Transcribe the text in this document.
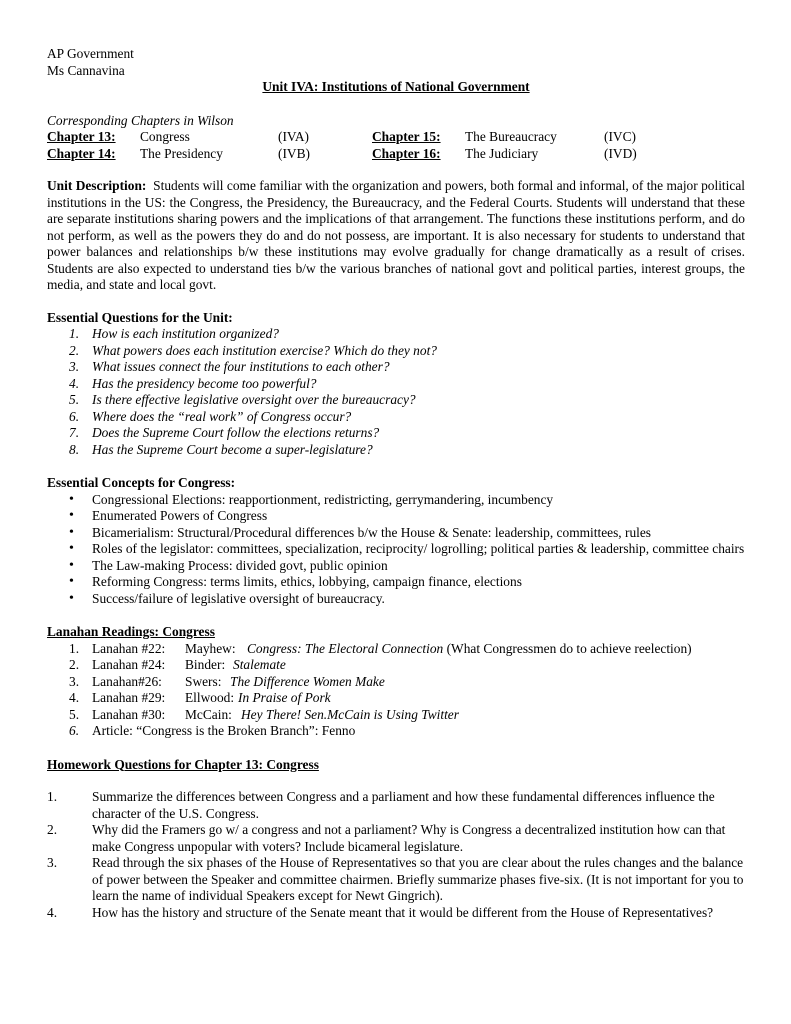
AP Government
Ms Cannavina
Unit IVA: Institutions of National Government
Corresponding Chapters in Wilson
Chapter 13:	Congress	(IVA)	Chapter 15:	The Bureaucracy	(IVC)
Chapter 14:	The Presidency	(IVB)	Chapter 16:	The Judiciary	(IVD)
Unit Description: Students will come familiar with the organization and powers, both formal and informal, of the major political institutions in the US: the Congress, the Presidency, the Bureaucracy, and the Federal Courts. Students will understand that these are separate institutions sharing powers and the implications of that arrangement. The functions these institutions perform, and do not perform, as well as the powers they do and do not possess, are important. It is also necessary for students to understand that power balances and relationships b/w these institutions may evolve gradually for change dramatically as a result of crises. Students are also expected to understand ties b/w the various branches of national govt and political parties, interest groups, the media, and state and local govt.
Essential Questions for the Unit:
1. How is each institution organized?
2. What powers does each institution exercise? Which do they not?
3. What issues connect the four institutions to each other?
4. Has the presidency become too powerful?
5. Is there effective legislative oversight over the bureaucracy?
6. Where does the “real work” of Congress occur?
7. Does the Supreme Court follow the elections returns?
8. Has the Supreme Court become a super-legislature?
Essential Concepts for Congress:
• Congressional Elections: reapportionment, redistricting, gerrymandering, incumbency
• Enumerated Powers of Congress
• Bicamerialism: Structural/Procedural differences b/w the House & Senate: leadership, committees, rules
• Roles of the legislator: committees, specialization, reciprocity/ logrolling; political parties & leadership, committee chairs
• The Law-making Process: divided govt, public opinion
• Reforming Congress: terms limits, ethics, lobbying, campaign finance, elections
• Success/failure of legislative oversight of bureaucracy.
Lanahan Readings: Congress
1. Lanahan #22: Mayhew: Congress: The Electoral Connection (What Congressmen do to achieve reelection)
2. Lanahan #24: Binder: Stalemate
3. Lanahan#26: Swers: The Difference Women Make
4. Lanahan #29: Ellwood: In Praise of Pork
5. Lanahan #30: McCain: Hey There! Sen.McCain is Using Twitter
6. Article: “Congress is the Broken Branch”: Fenno
Homework Questions for Chapter 13: Congress
1.	Summarize the differences between Congress and a parliament and how these fundamental differences influence the character of the U.S. Congress.
2.	Why did the Framers go w/ a congress and not a parliament? Why is Congress a decentralized institution how can that make Congress unpopular with voters? Include bicameral legislature.
3.	Read through the six phases of the House of Representatives so that you are clear about the rules changes and the balance of power between the Speaker and committee chairmen. Briefly summarize phases five-six. (It is not important for you to learn the name of individual Speakers except for Newt Gingrich).
4.	How has the history and structure of the Senate meant that it would be different from the House of Representatives?
